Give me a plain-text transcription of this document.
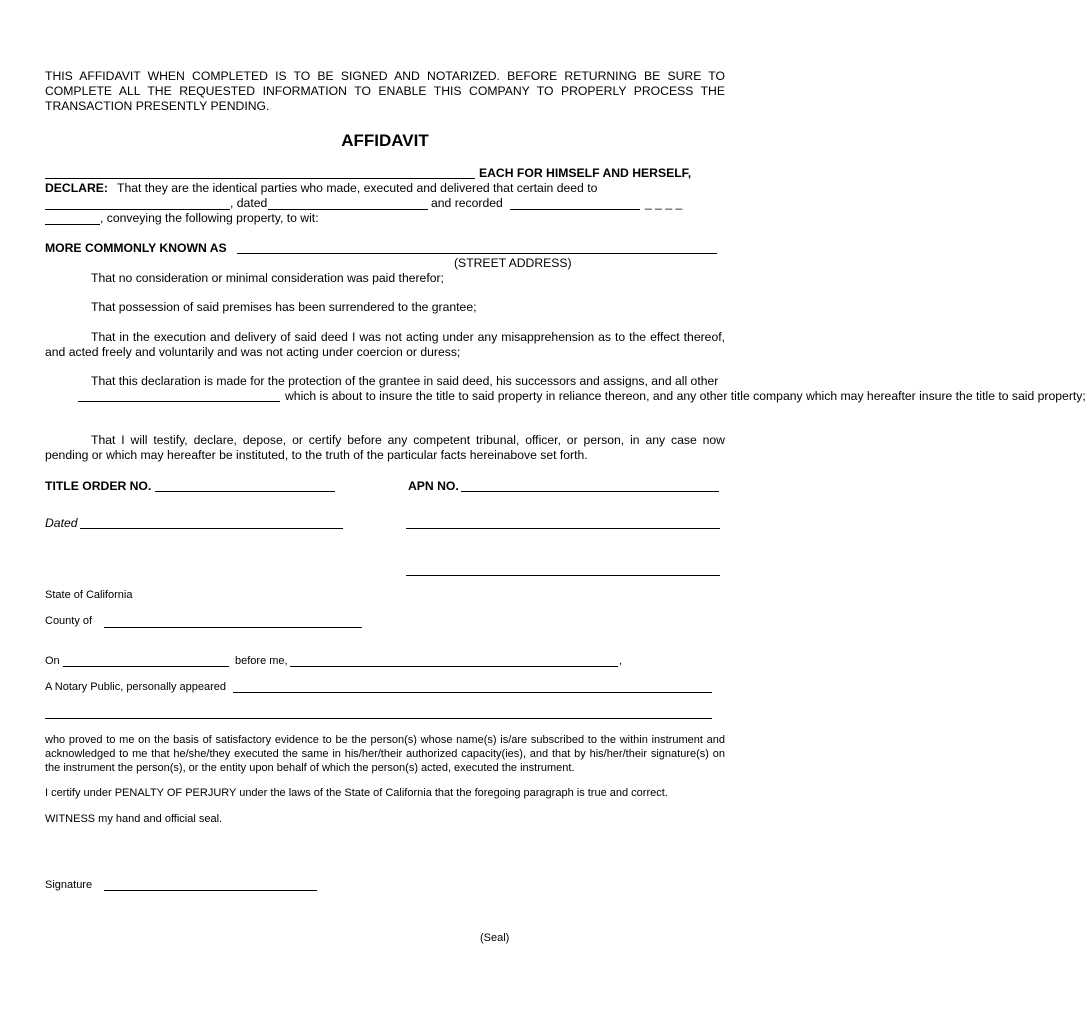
THIS AFFIDAVIT WHEN COMPLETED IS TO BE SIGNED AND NOTARIZED. BEFORE RETURNING BE SURE TO COMPLETE ALL THE REQUESTED INFORMATION TO ENABLE THIS COMPANY TO PROPERLY PROCESS THE TRANSACTION PRESENTLY PENDING.

AFFIDAVIT
EACH FOR HIMSELF AND HERSELF,
DECLARE: That they are the identical parties who made, executed and delivered that certain deed to
, dated	and recorded	_ _ _ _
, conveying the following property, to wit:
MORE COMMONLY KNOWN AS
(STREET ADDRESS)
That no consideration or minimal consideration was paid therefor;
That possession of said premises has been surrendered to the grantee;

That in the execution and delivery of said deed I was not acting under any misapprehension as to the effect thereof, and acted freely and voluntarily and was not acting under coercion or duress;

That this declaration is made for the protection of the grantee in said deed, his successors and assigns, and all other
which is about to insure the title to said property in reliance thereon, and any other title company which may hereafter insure the title to said property;

That I will testify, declare, depose, or certify before any competent tribunal, officer, or person, in any case now pending or which may hereafter be instituted, to the truth of the particular facts hereinabove set forth.

TITLE ORDER NO.	APN NO.
Dated
State of California
County of
On	before me,	,
A Notary Public, personally appeared

who proved to me on the basis of satisfactory evidence to be the person(s) whose name(s) is/are subscribed to the within instrument and acknowledged to me that he/she/they executed the same in his/her/their authorized capacity(ies), and that by his/her/their signature(s) on the instrument the person(s), or the entity upon behalf of which the person(s) acted, executed the instrument.

I certify under PENALTY OF PERJURY under the laws of the State of California that the foregoing paragraph is true and correct.
WITNESS my hand and official seal.
Signature
(Seal)
